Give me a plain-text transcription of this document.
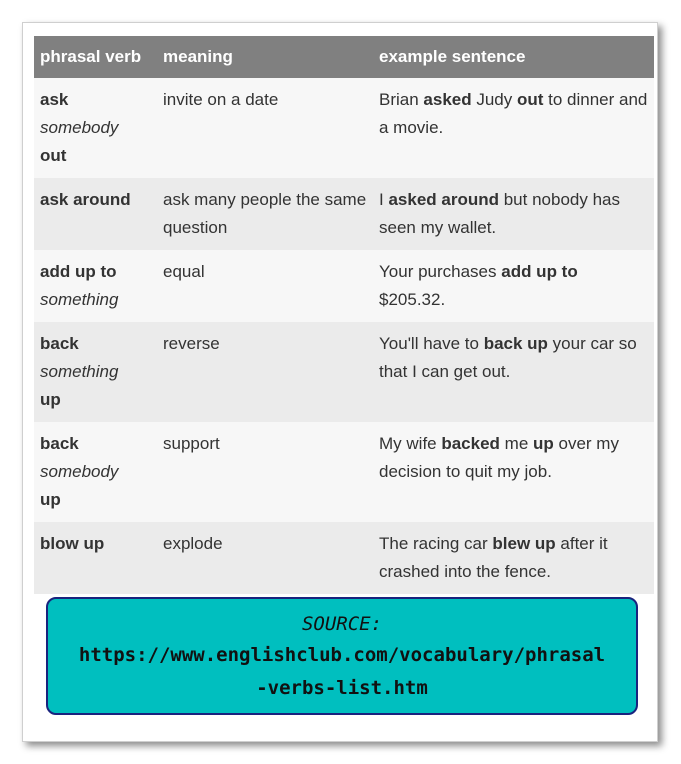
phrasal verb	meaning	example sentence

ask
somebody
out	invite on a date	Brian asked Judy out to dinner and a movie.

ask around	ask many people the same question	I asked around but nobody has seen my wallet.

add up to
something	equal	Your purchases add up to $205.32.

back
something
up	reverse	You'll have to back up your car so that I can get out.

back
somebody
up	support	My wife backed me up over my decision to quit my job.

blow up	explode	The racing car blew up after it crashed into the fence.
SOURCE:
https://www.englishclub.com/vocabulary/phrasal-verbs-list.htm
